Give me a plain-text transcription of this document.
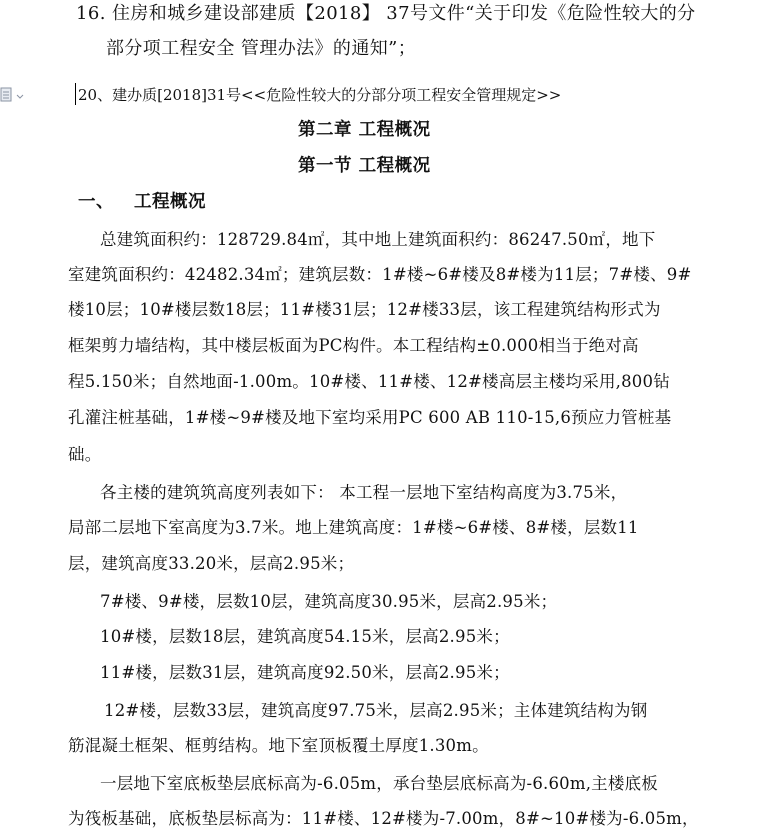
16. 住房和城乡建设部建质【2018】 37号文件“关于印发《危险性较大的分
部分项工程安全 管理办法》的通知”；
20、建办质[2018]31号<<危险性较大的分部分项工程安全管理规定>>
第二章 工程概况
第一节 工程概况
一、 工程概况
总建筑面积约：128729.84㎡，其中地上建筑面积约：86247.50㎡，地下
室建筑面积约：42482.34㎡；建筑层数：1#楼~6#楼及8#楼为11层；7#楼、9#
楼10层；10#楼层数18层；11#楼31层；12#楼33层，该工程建筑结构形式为
框架剪力墙结构，其中楼层板面为PC构件。本工程结构±0.000相当于绝对高
程5.150米；自然地面-1.00m。10#楼、11#楼、12#楼高层主楼均采用,800钻
孔灌注桩基础，1#楼~9#楼及地下室均采用PC 600 AB 110-15,6预应力管桩基
础。
各主楼的建筑筑高度列表如下： 本工程一层地下室结构高度为3.75米，
局部二层地下室高度为3.7米。地上建筑高度：1#楼~6#楼、8#楼，层数11
层，建筑高度33.20米，层高2.95米；
7#楼、9#楼，层数10层，建筑高度30.95米，层高2.95米；
10#楼，层数18层，建筑高度54.15米，层高2.95米；
11#楼，层数31层，建筑高度92.50米，层高2.95米；
12#楼，层数33层，建筑高度97.75米，层高2.95米；主体建筑结构为钢
筋混凝土框架、框剪结构。地下室顶板覆土厚度1.30m。
一层地下室底板垫层底标高为-6.05m，承台垫层底标高为-6.60m,主楼底板
为筏板基础，底板垫层标高为：11#楼、12#楼为-7.00m，8#~10#楼为-6.05m，
